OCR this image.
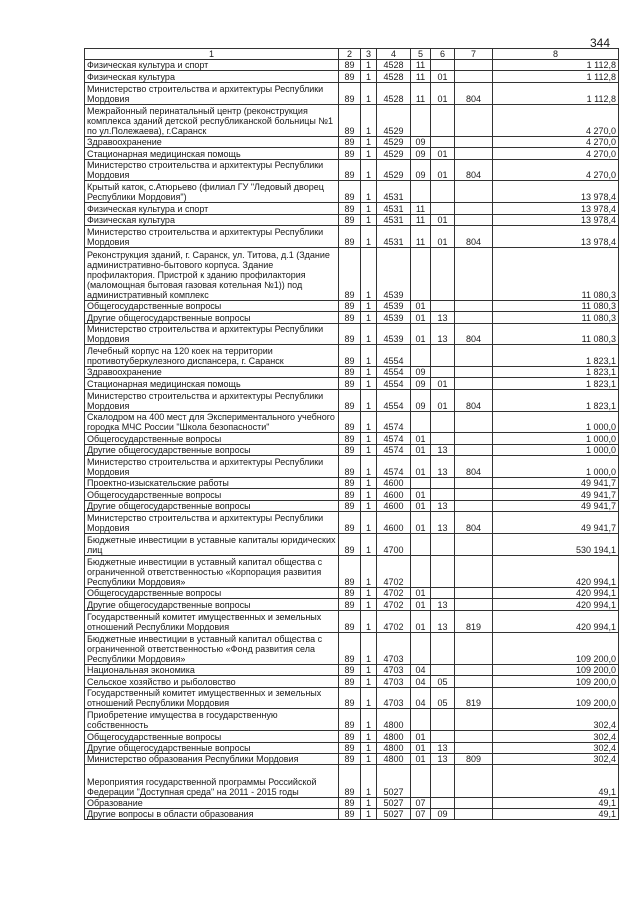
344
1	2	3	4	5	6	7	8
Физическая культура и спорт	89	1	4528	11			1 112,8
Физическая культура	89	1	4528	11	01		1 112,8
Министерство строительства и архитектуры Республики Мордовия	89	1	4528	11	01	804	1 112,8
Межрайонный перинатальный центр (реконструкция комплекса зданий детской республиканской больницы №1 по ул.Полежаева), г.Саранск	89	1	4529				4 270,0
Здравоохранение	89	1	4529	09			4 270,0
Стационарная медицинская помощь	89	1	4529	09	01		4 270,0
Министерство строительства и архитектуры Республики Мордовия	89	1	4529	09	01	804	4 270,0
Крытый каток, с.Атюрьево (филиал ГУ "Ледовый дворец Республики Мордовия")	89	1	4531				13 978,4
Физическая культура и спорт	89	1	4531	11			13 978,4
Физическая культура	89	1	4531	11	01		13 978,4
Министерство строительства и архитектуры Республики Мордовия	89	1	4531	11	01	804	13 978,4
Реконструкция зданий, г. Саранск, ул. Титова, д.1 (Здание административно-бытового корпуса. Здание профилактория. Пристрой к зданию профилактория (маломощная бытовая газовая котельная №1)) под административный комплекс	89	1	4539				11 080,3
Общегосударственные вопросы	89	1	4539	01			11 080,3
Другие общегосударственные вопросы	89	1	4539	01	13		11 080,3
Министерство строительства и архитектуры Республики Мордовия	89	1	4539	01	13	804	11 080,3
Лечебный корпус на 120 коек на территории противотуберкулезного диспансера, г. Саранск	89	1	4554				1 823,1
Здравоохранение	89	1	4554	09			1 823,1
Стационарная медицинская помощь	89	1	4554	09	01		1 823,1
Министерство строительства и архитектуры Республики Мордовия	89	1	4554	09	01	804	1 823,1
Скалодром на 400 мест для Экспериментального учебного городка МЧС России "Школа безопасности"	89	1	4574				1 000,0
Общегосударственные вопросы	89	1	4574	01			1 000,0
Другие общегосударственные вопросы	89	1	4574	01	13		1 000,0
Министерство строительства и архитектуры Республики Мордовия	89	1	4574	01	13	804	1 000,0
Проектно-изыскательские работы	89	1	4600				49 941,7
Общегосударственные вопросы	89	1	4600	01			49 941,7
Другие общегосударственные вопросы	89	1	4600	01	13		49 941,7
Министерство строительства и архитектуры Республики Мордовия	89	1	4600	01	13	804	49 941,7
Бюджетные инвестиции в уставные капиталы юридических лиц	89	1	4700				530 194,1
Бюджетные инвестиции в уставный капитал общества с ограниченной ответственностью «Корпорация развития Республики Мордовия»	89	1	4702				420 994,1
Общегосударственные вопросы	89	1	4702	01			420 994,1
Другие общегосударственные вопросы	89	1	4702	01	13		420 994,1
Государственный комитет имущественных и земельных отношений Республики Мордовия	89	1	4702	01	13	819	420 994,1
Бюджетные инвестиции в уставный капитал общества с ограниченной ответственностью «Фонд развития села Республики Мордовия»	89	1	4703				109 200,0
Национальная экономика	89	1	4703	04			109 200,0
Сельское хозяйство и рыболовство	89	1	4703	04	05		109 200,0
Государственный комитет имущественных и земельных отношений Республики Мордовия	89	1	4703	04	05	819	109 200,0
Приобретение имущества в государственную собственность	89	1	4800				302,4
Общегосударственные вопросы	89	1	4800	01			302,4
Другие общегосударственные вопросы	89	1	4800	01	13		302,4
Министерство образования Республики Мордовия	89	1	4800	01	13	809	302,4
Мероприятия государственной программы Российской Федерации "Доступная среда" на 2011 - 2015 годы	89	1	5027				49,1
Образование	89	1	5027	07			49,1
Другие вопросы в области образования	89	1	5027	07	09		49,1
